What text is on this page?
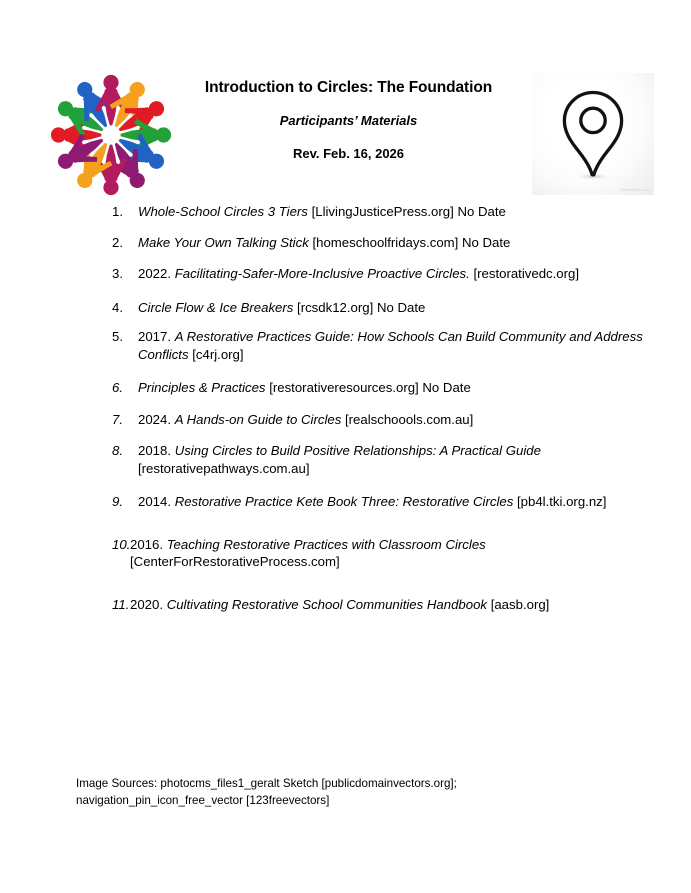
Introduction to Circles: The Foundation
Participants’ Materials
Rev. Feb. 16, 2026
123freevectors.com
1.	Whole-School Circles 3 Tiers [LlivingJusticePress.org] No Date
2.	Make Your Own Talking Stick [homeschoolfridays.com] No Date
3.	2022. Facilitating-Safer-More-Inclusive Proactive Circles. [restorativedc.org]
4.	Circle Flow & Ice Breakers [rcsdk12.org] No Date
5.	2017. A Restorative Practices Guide: How Schools Can Build Community and Address Conflicts [c4rj.org]
6.	Principles & Practices [restorativeresources.org] No Date
7.	2024. A Hands-on Guide to Circles [realschoools.com.au]
8.	2018. Using Circles to Build Positive Relationships: A Practical Guide [restorativepathways.com.au]
9.	2014. Restorative Practice Kete Book Three: Restorative Circles [pb4l.tki.org.nz]
10. 2016. Teaching Restorative Practices with Classroom Circles [CenterForRestorativeProcess.com]
11. 2020. Cultivating Restorative School Communities Handbook [aasb.org]
Image Sources: photocms_files1_geralt Sketch [publicdomainvectors.org];
navigation_pin_icon_free_vector [123freevectors]
